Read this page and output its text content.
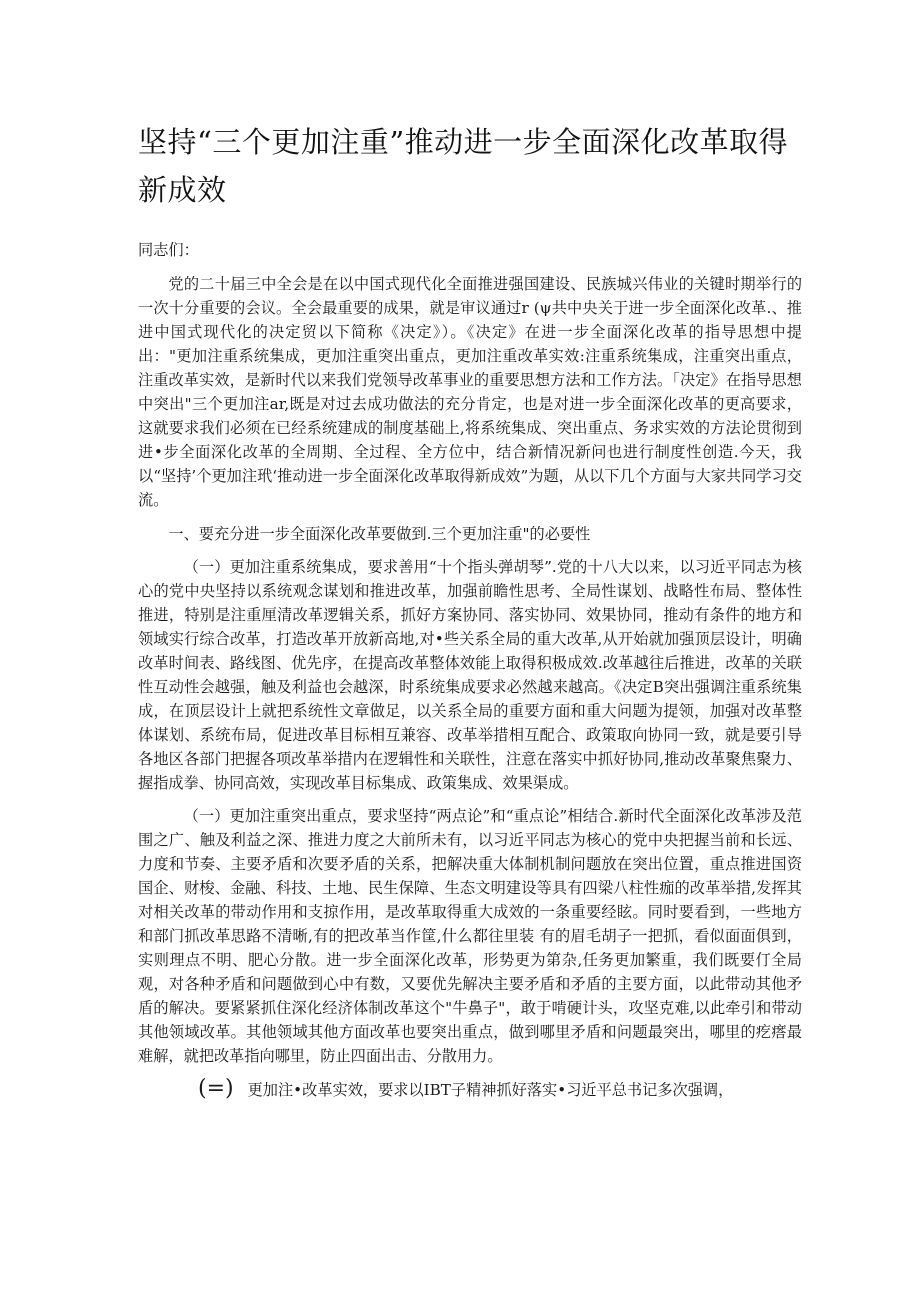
坚持“三个更加注重”推动进一步全面深化改革取得新成效

同志们：

党的二十届三中全会是在以中国式现代化全面推进强国建设、民族城兴伟业的关键时期举行的一次十分重要的会议。全会最重要的成果，就是审议通过r (ψ共中央关于进一步全面深化改革.、推进中国式现代化的决定贸以下简称《决定》）。《决定》在进一步全面深化改革的指导思想中提出："更加注重系统集成，更加注重突出重点，更加注重改革实效:注重系统集成，注重突出重点，注重改革实效，是新时代以来我们党领导改革事业的重要思想方法和工作方法。「决定》在指导思想中突出"三个更加注ar,既是对过去成功做法的充分肯定，也是对进一步全面深化改革的更高要求，这就要求我们必须在已经系统建成的制度基础上,将系统集成、突出重点、务求实效的方法论贯彻到进•步全面深化改革的全周期、全过程、全方位中，结合新情况新问也进行制度性创造.今天，我以“坚持’个更加注玳‘推动进一步全面深化改革取得新成效”为题，从以下几个方面与大家共同学习交流。

一、要充分进一步全面深化改革要做到.三个更加注重"的必要性

（一）更加注重系统集成，要求善用“十个指头弹胡琴”.党的十八大以来，以习近平同志为核心的党中央坚持以系统观念谋划和推进改革，加强前瞻性思考、全局性谋划、战略性布局、整体性推进，特别是注重厘清改革逻辑关系，抓好方案协同、落实协同、效果协同，推动有条件的地方和领域实行综合改革，打造改革开放新高地,对•些关系全局的重大改革,从开始就加强顶层设计，明确改革时间表、路线图、优先序，在提高改革整体效能上取得积极成效.改革越往后推进，改革的关联性互动性会越强，触及利益也会越深，时系统集成要求必然越来越高。《决定B突出强调注重系统集成，在顶层设计上就把系统性文章做足，以关系全局的重要方面和重大问题为提领，加强对改革整体谋划、系统布局，促进改革目标相互兼容、改革举措相互配合、政策取向协同一致，就是要引导各地区各部门把握各项改革举措内在逻辑性和关联性，注意在落实中抓好协同,推动改革聚焦聚力、握指成拳、协同高效，实现改革目标集成、政策集成、效果渠成。

（一）更加注重突出重点，要求坚持“两点论”和“重点论”相结合.新时代全面深化改革涉及范围之广、触及利益之深、推进力度之大前所未有，以习近平同志为核心的党中央把握当前和长远、力度和节奏、主要矛盾和次要矛盾的关系，把解决重大体制机制问题放在突出位置，重点推进国资国企、财梭、金融、科技、土地、民生保障、生态文明建设等具有四梁八柱性痂的改革举措,发挥其对相关改革的带动作用和支掠作用，是改革取得重大成效的一条重要经眩。同时要看到，一些地方和部门抓改革思路不清晰,有的把改革当作筐,什么都往里装 有的眉毛胡子一把抓，看似面面俱到，实则理点不明、肥心分散。进一步全面深化改革，形势更为第杂,任务更加繁重，我们既要仃全局观，对各种矛盾和问题做到心中有数，又要优先解决主要矛盾和矛盾的主要方面，以此带动其他矛盾的解决。要紧紧抓住深化经济体制改革这个"牛鼻子"，敢于啃硬计头，攻坚克难,以此牵引和带动其他领域改革。其他领域其他方面改革也要突出重点，做到哪里矛盾和问题最突出，哪里的疙瘩最难解，就把改革指向哪里，防止四面出击、分散用力。

(=) 更加注•改革实效，要求以IBT子精神抓好落实•习近平总书记多次强调，
